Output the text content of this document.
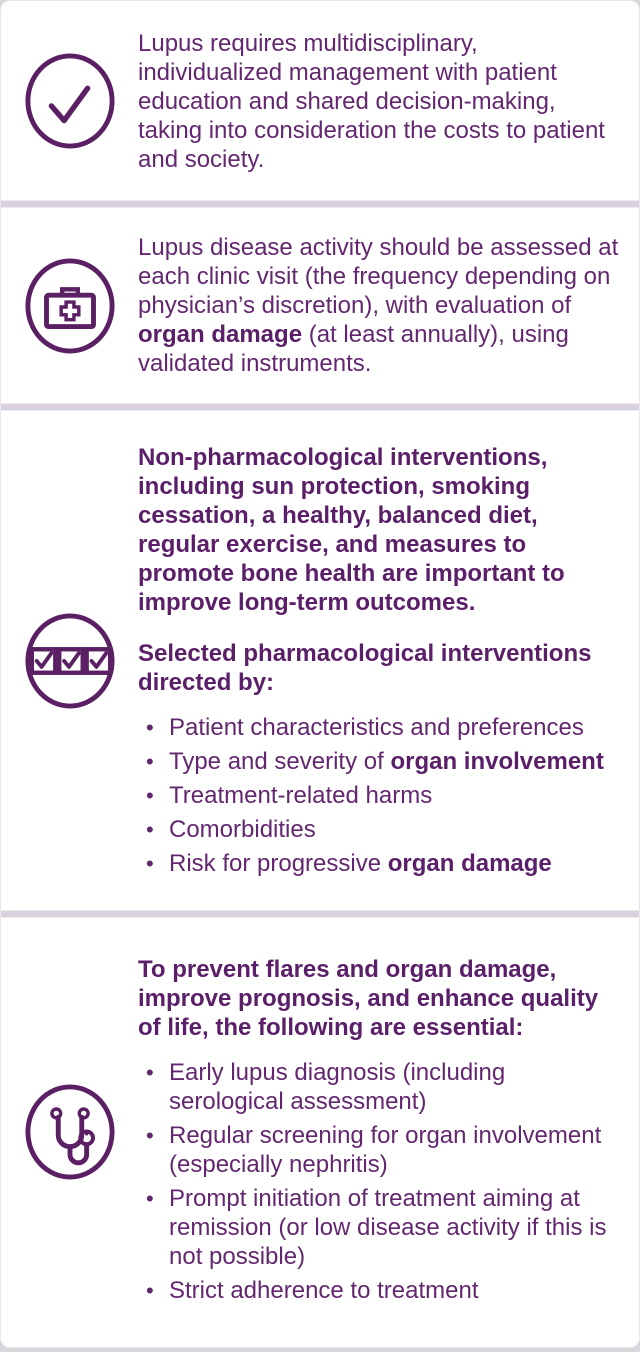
Lupus requires multidisciplinary, individualized management with patient education and shared decision-making, taking into consideration the costs to patient and society.

Lupus disease activity should be assessed at each clinic visit (the frequency depending on physician’s discretion), with evaluation of organ damage (at least annually), using validated instruments.

Non-pharmacological interventions, including sun protection, smoking cessation, a healthy, balanced diet, regular exercise, and measures to promote bone health are important to improve long-term outcomes.

Selected pharmacological interventions directed by:

• Patient characteristics and preferences
• Type and severity of organ involvement
• Treatment-related harms
• Comorbidities
• Risk for progressive organ damage

To prevent flares and organ damage, improve prognosis, and enhance quality of life, the following are essential:

• Early lupus diagnosis (including serological assessment)
• Regular screening for organ involvement (especially nephritis)
• Prompt initiation of treatment aiming at remission (or low disease activity if this is not possible)
• Strict adherence to treatment
